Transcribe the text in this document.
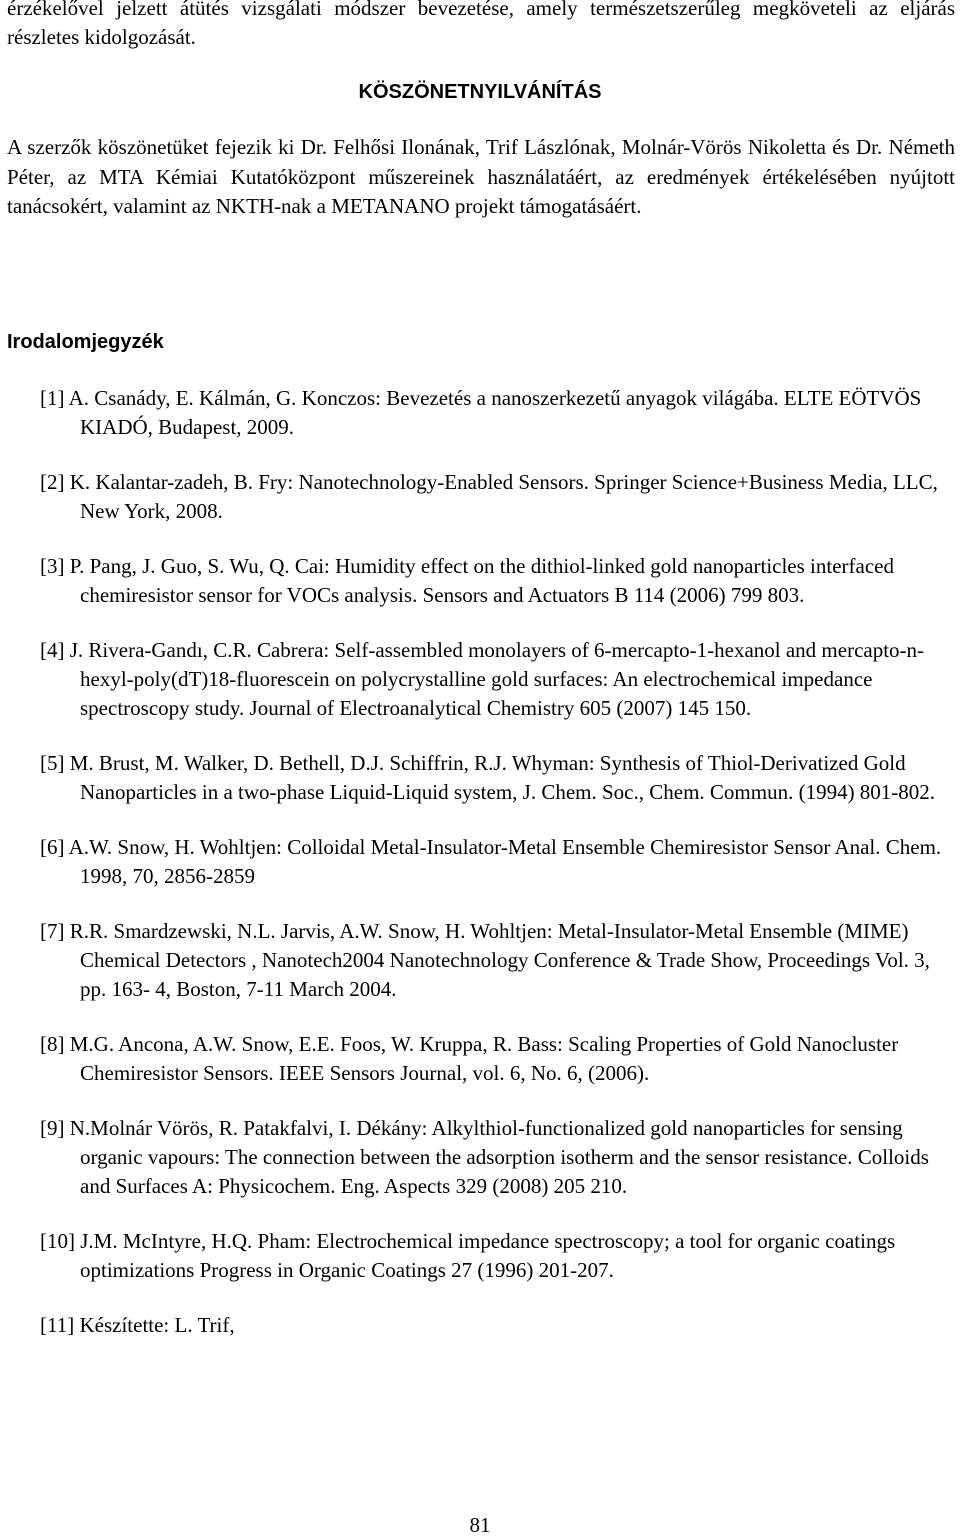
érzékelővel jelzett átütés vizsgálati módszer bevezetése, amely természetszerűleg megköveteli az eljárás részletes kidolgozását.
KÖSZÖNETNYILVÁNÍTÁS
A szerzők köszönetüket fejezik ki Dr. Felhősi Ilonának, Trif Lászlónak, Molnár-Vörös Nikoletta és Dr. Németh Péter, az MTA Kémiai Kutatóközpont műszereinek használatáért, az eredmények értékelésében nyújtott tanácsokért, valamint az NKTH-nak a METANANO projekt támogatásáért.
Irodalomjegyzék
[1] A. Csanády, E. Kálmán, G. Konczos: Bevezetés a nanoszerkezetű anyagok világába. ELTE EÖTVÖS KIADÓ, Budapest, 2009.
[2] K. Kalantar-zadeh, B. Fry: Nanotechnology-Enabled Sensors. Springer Science+Business Media, LLC, New York, 2008.
[3] P. Pang, J. Guo, S. Wu, Q. Cai: Humidity effect on the dithiol-linked gold nanoparticles interfaced chemiresistor sensor for VOCs analysis. Sensors and Actuators B 114 (2006) 799 803.
[4] J. Rivera-Gandı, C.R. Cabrera: Self-assembled monolayers of 6-mercapto-1-hexanol and mercapto-n-hexyl-poly(dT)18-fluorescein on polycrystalline gold surfaces: An electrochemical impedance spectroscopy study. Journal of Electroanalytical Chemistry 605 (2007) 145 150.
[5] M. Brust, M. Walker, D. Bethell, D.J. Schiffrin, R.J. Whyman: Synthesis of Thiol-Derivatized Gold Nanoparticles in a two-phase Liquid-Liquid system, J. Chem. Soc., Chem. Commun. (1994) 801-802.
[6] A.W. Snow, H. Wohltjen: Colloidal Metal-Insulator-Metal Ensemble Chemiresistor Sensor Anal. Chem. 1998, 70, 2856-2859
[7] R.R. Smardzewski, N.L. Jarvis, A.W. Snow, H. Wohltjen: Metal-Insulator-Metal Ensemble (MIME) Chemical Detectors , Nanotech2004 Nanotechnology Conference & Trade Show, Proceedings Vol. 3, pp. 163- 4, Boston, 7-11 March 2004.
[8] M.G. Ancona, A.W. Snow, E.E. Foos, W. Kruppa, R. Bass: Scaling Properties of Gold Nanocluster Chemiresistor Sensors. IEEE Sensors Journal, vol. 6, No. 6, (2006).
[9] N.Molnár Vörös, R. Patakfalvi, I. Dékány: Alkylthiol-functionalized gold nanoparticles for sensing organic vapours: The connection between the adsorption isotherm and the sensor resistance. Colloids and Surfaces A: Physicochem. Eng. Aspects 329 (2008) 205 210.
[10] J.M. McIntyre, H.Q. Pham: Electrochemical impedance spectroscopy; a tool for organic coatings optimizations Progress in Organic Coatings 27 (1996) 201-207.
[11] Készítette: L. Trif,
81
